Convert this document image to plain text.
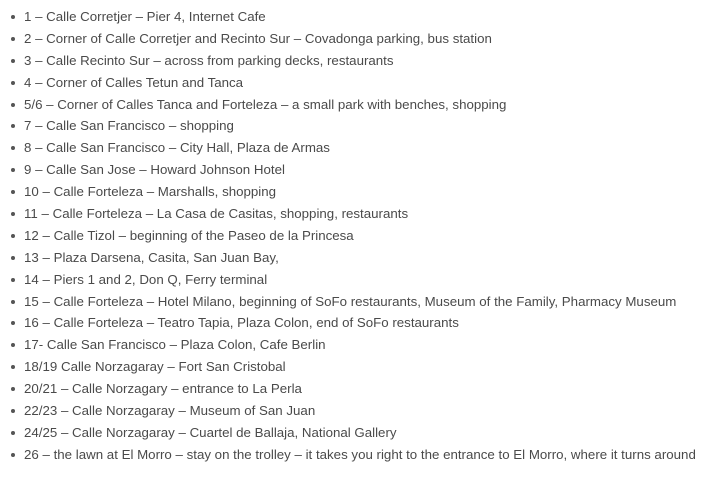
1 – Calle Corretjer – Pier 4, Internet Cafe
2 – Corner of Calle Corretjer and Recinto Sur – Covadonga parking, bus station
3 – Calle Recinto Sur – across from parking decks, restaurants
4 – Corner of Calles Tetun and Tanca
5/6 – Corner of Calles Tanca and Forteleza – a small park with benches, shopping
7 – Calle San Francisco – shopping
8 – Calle San Francisco – City Hall, Plaza de Armas
9 – Calle San Jose – Howard Johnson Hotel
10 – Calle Forteleza – Marshalls, shopping
11 – Calle Forteleza – La Casa de Casitas, shopping, restaurants
12 – Calle Tizol – beginning of the Paseo de la Princesa
13 – Plaza Darsena, Casita, San Juan Bay,
14 – Piers 1 and 2, Don Q, Ferry terminal
15 – Calle Forteleza – Hotel Milano, beginning of SoFo restaurants, Museum of the Family, Pharmacy Museum
16 – Calle Forteleza – Teatro Tapia, Plaza Colon, end of SoFo restaurants
17- Calle San Francisco – Plaza Colon, Cafe Berlin
18/19 Calle Norzagaray – Fort San Cristobal
20/21 – Calle Norzagary – entrance to La Perla
22/23 – Calle Norzagaray – Museum of San Juan
24/25 – Calle Norzagaray – Cuartel de Ballaja, National Gallery
26 – the lawn at El Morro – stay on the trolley – it takes you right to the entrance to El Morro, where it turns around
